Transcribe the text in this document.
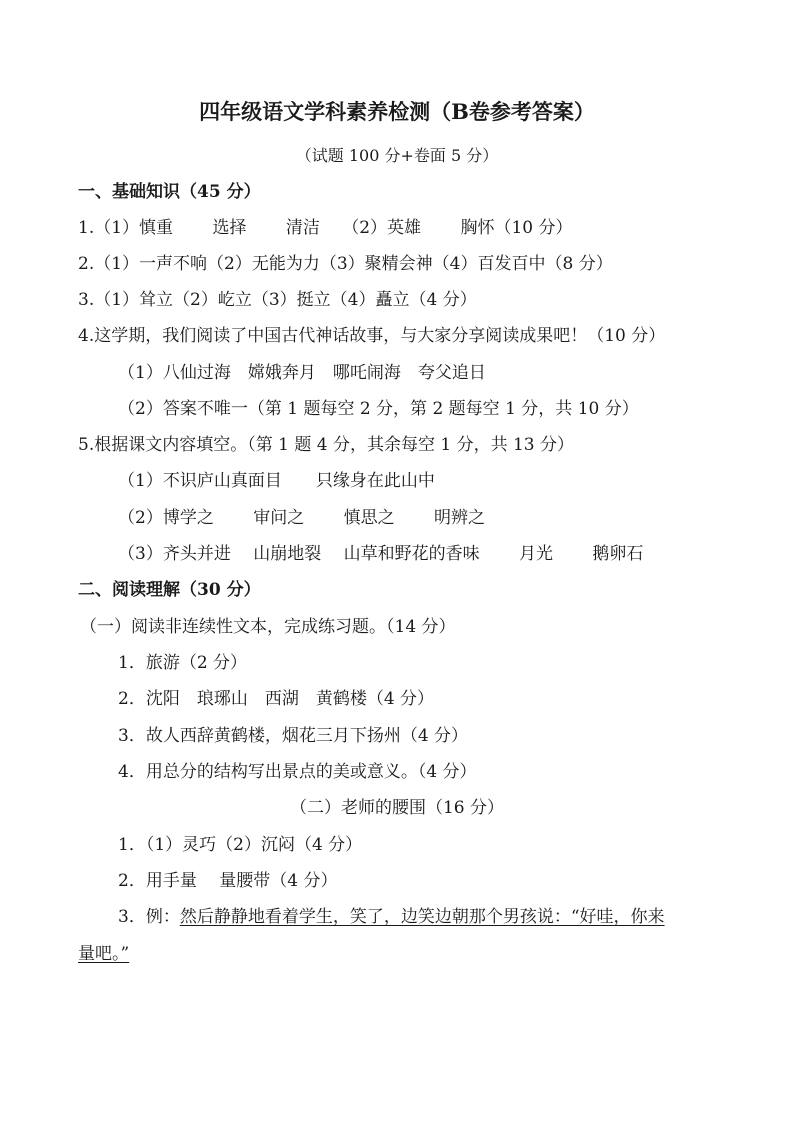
四年级语文学科素养检测（B卷参考答案）
（试题 100 分+卷面 5 分）
一、基础知识（45 分）
1.（1）慎重　　 选择　　 清洁　 （2）英雄　　 胸怀（10 分）
2.（1）一声不响（2）无能为力（3）聚精会神（4）百发百中（8 分）
3.（1）耸立（2）屹立（3）挺立（4）矗立（4 分）
4.这学期，我们阅读了中国古代神话故事，与大家分享阅读成果吧！（10 分）
（1）八仙过海　嫦娥奔月　哪吒闹海　夸父追日
（2）答案不唯一（第 1 题每空 2 分，第 2 题每空 1 分，共 10 分）
5.根据课文内容填空。（第 1 题 4 分，其余每空 1 分，共 13 分）
（1）不识庐山真面目　　只缘身在此山中
（2）博学之　　 审问之　　 慎思之　　 明辨之
（3）齐头并进　 山崩地裂　 山草和野花的香味　　 月光　　 鹅卵石
二、阅读理解（30 分）
（一）阅读非连续性文本，完成练习题。（14 分）
1．旅游（2 分）
2．沈阳　琅琊山　西湖　黄鹤楼（4 分）
3．故人西辞黄鹤楼，烟花三月下扬州（4 分）
4．用总分的结构写出景点的美或意义。（4 分）
（二）老师的腰围（16 分）
1．（1）灵巧（2）沉闷（4 分）
2．用手量　 量腰带（4 分）
3．例：然后静静地看着学生，笑了，边笑边朝那个男孩说：“好哇，你来
量吧。”
